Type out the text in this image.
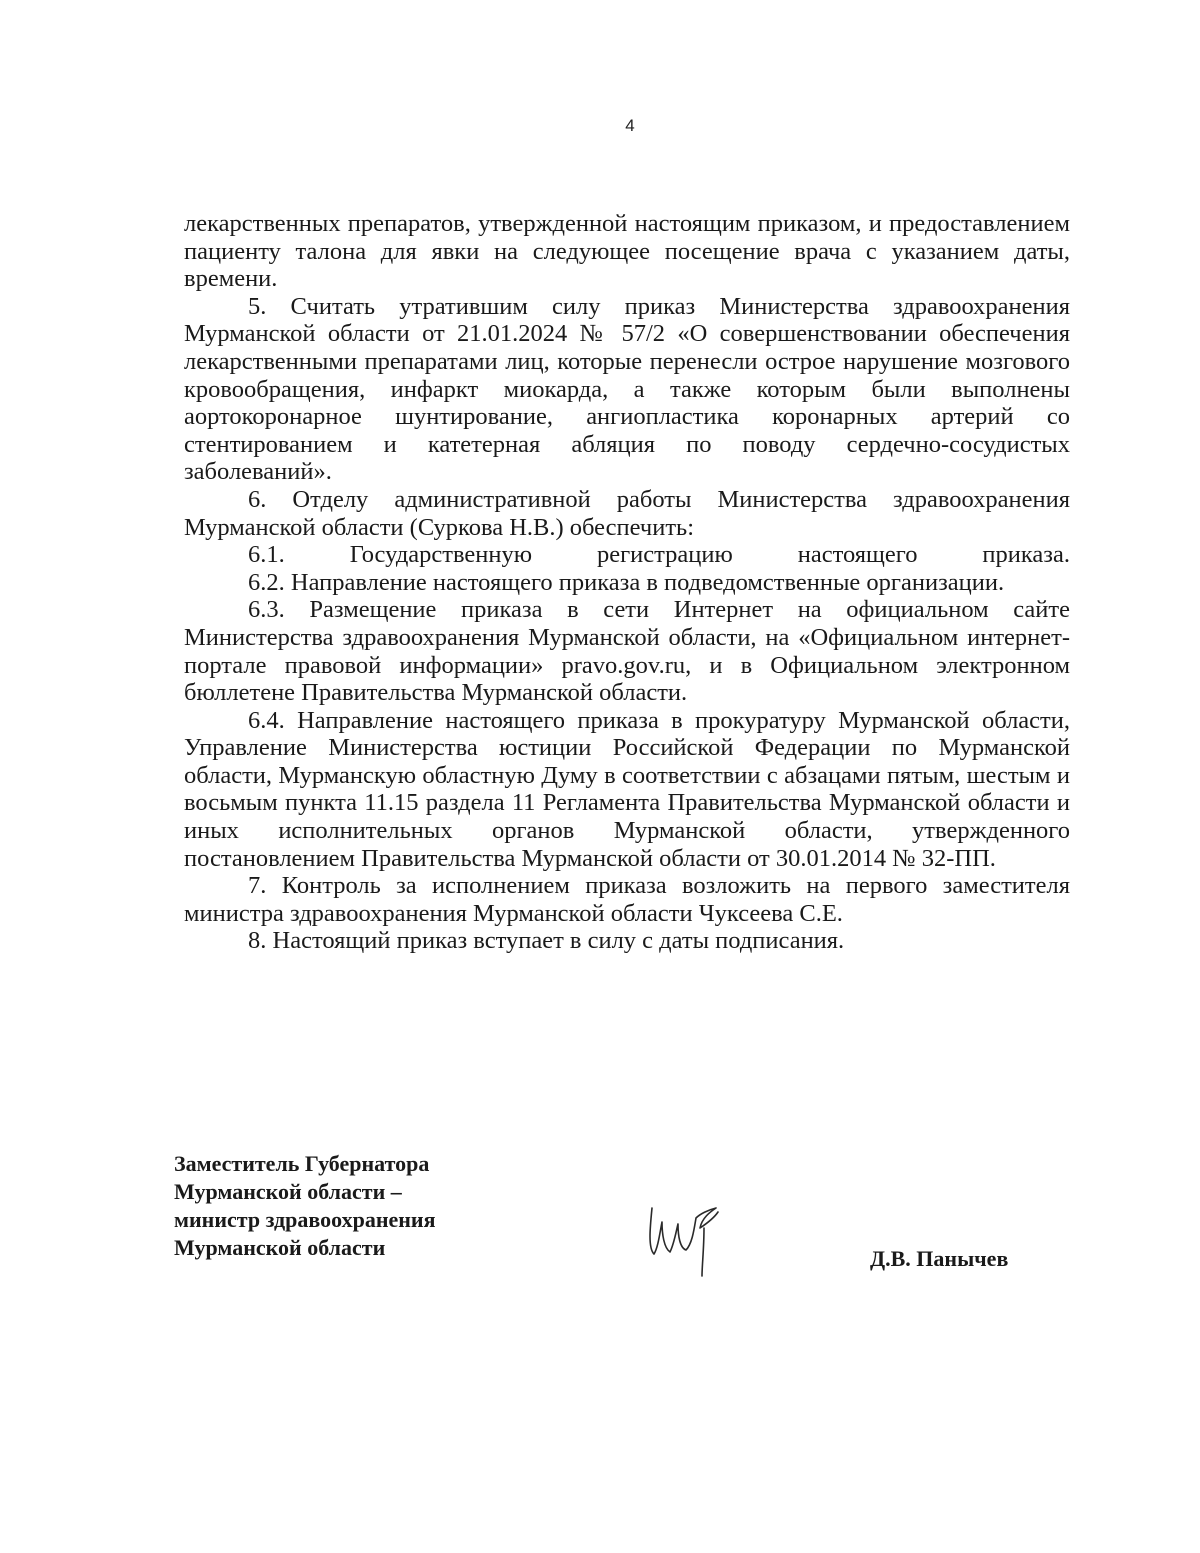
4

лекарственных препаратов, утвержденной настоящим приказом, и предоставлением пациенту талона для явки на следующее посещение врача с указанием даты, времени.

5. Считать утратившим силу приказ Министерства здравоохранения Мурманской области от 21.01.2024 № 57/2 «О совершенствовании обеспечения лекарственными препаратами лиц, которые перенесли острое нарушение мозгового кровообращения, инфаркт миокарда, а также которым были выполнены аортокоронарное шунтирование, ангиопластика коронарных артерий со стентированием и катетерная абляция по поводу сердечно-сосудистых заболеваний».

6. Отделу административной работы Министерства здравоохранения Мурманской области (Суркова Н.В.) обеспечить:

6.1. Государственную регистрацию настоящего приказа.

6.2. Направление настоящего приказа в подведомственные организации.

6.3. Размещение приказа в сети Интернет на официальном сайте Министерства здравоохранения Мурманской области, на «Официальном интернет-портале правовой информации» pravo.gov.ru, и в Официальном электронном бюллетене Правительства Мурманской области.

6.4. Направление настоящего приказа в прокуратуру Мурманской области, Управление Министерства юстиции Российской Федерации по Мурманской области, Мурманскую областную Думу в соответствии с абзацами пятым, шестым и восьмым пункта 11.15 раздела 11 Регламента Правительства Мурманской области и иных исполнительных органов Мурманской области, утвержденного постановлением Правительства Мурманской области от 30.01.2014 № 32-ПП.

7. Контроль за исполнением приказа возложить на первого заместителя министра здравоохранения Мурманской области Чуксеева С.Е.

8. Настоящий приказ вступает в силу с даты подписания.

Заместитель Губернатора
Мурманской области –
министр здравоохранения
Мурманской области	Д.В. Панычев
